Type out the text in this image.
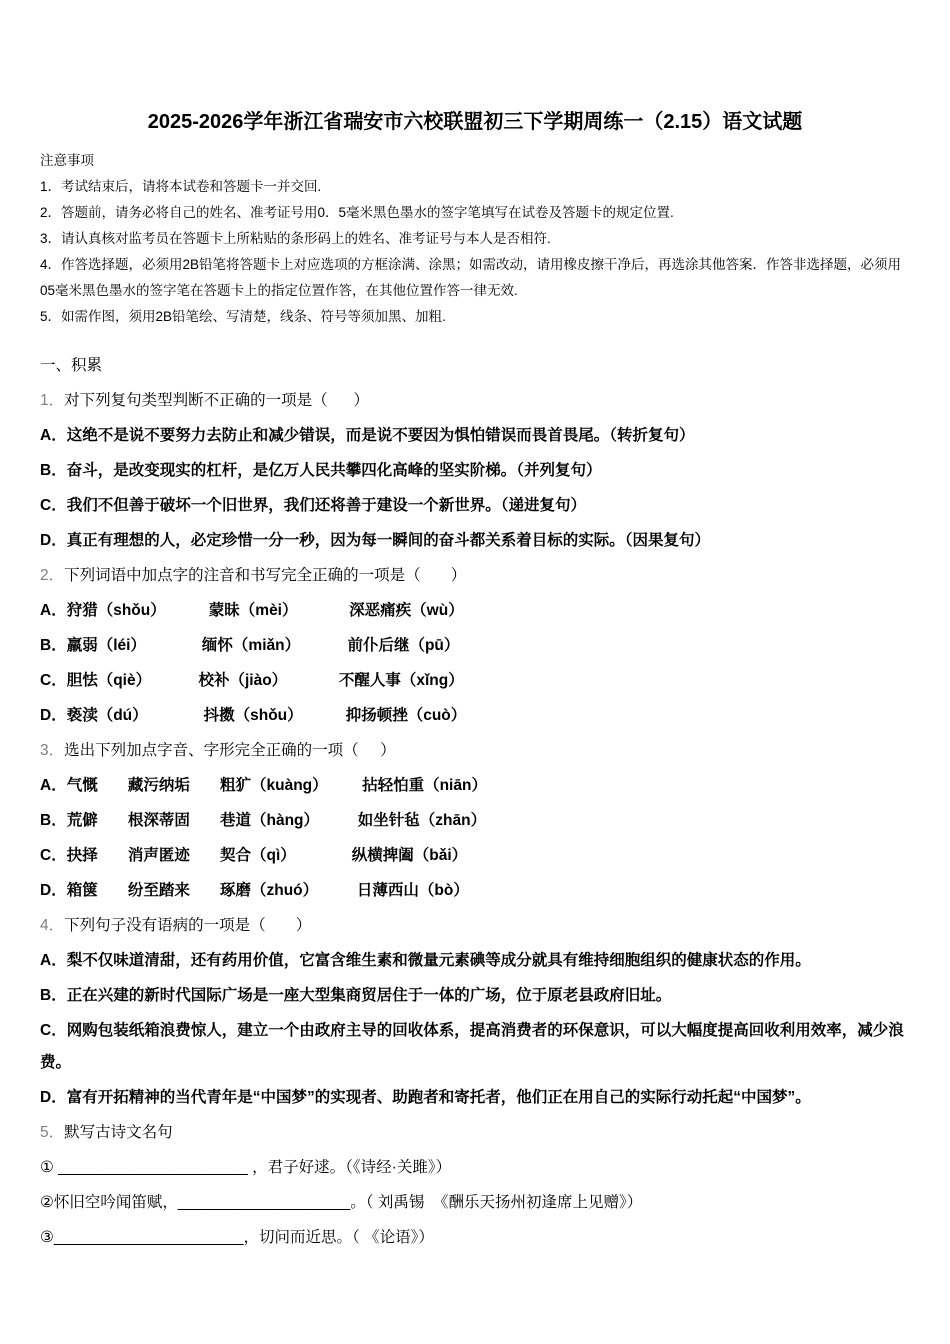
2025-2026学年浙江省瑞安市六校联盟初三下学期周练一（2.15）语文试题
注意事项
1．考试结束后，请将本试卷和答题卡一并交回.
2．答题前，请务必将自己的姓名、准考证号用0．5毫米黑色墨水的签字笔填写在试卷及答题卡的规定位置.
3．请认真核对监考员在答题卡上所粘贴的条形码上的姓名、准考证号与本人是否相符.
4．作答选择题，必须用2B铅笔将答题卡上对应选项的方框涂满、涂黑；如需改动，请用橡皮擦干净后，再选涂其他答案．作答非选择题，必须用05毫米黑色墨水的签字笔在答题卡上的指定位置作答，在其他位置作答一律无效.
5．如需作图，须用2B铅笔绘、写清楚，线条、符号等须加黑、加粗.
一、积累
1．对下列复句类型判断不正确的一项是（      ）
A．这绝不是说不要努力去防止和减少错误，而是说不要因为惧怕错误而畏首畏尾。（转折复句）
B．奋斗，是改变现实的杠杆，是亿万人民共攀四化高峰的坚实阶梯。（并列复句）
C．我们不但善于破坏一个旧世界，我们还将善于建设一个新世界。（递进复句）
D．真正有理想的人，必定珍惜一分一秒，因为每一瞬间的奋斗都关系着目标的实际。（因果复句）
2．下列词语中加点字的注音和书写完全正确的一项是（       ）
A．狩猎（shǒu）          蒙昧（mèi）            深恶痛疾（wù）
B．羸弱（léi）             缅怀（miǎn）           前仆后继（pū）
C．胆怯（qiè）           校补（jiào）            不醒人事（xǐng）
D．亵渎（dú）             抖擞（shǒu）          抑扬顿挫（cuò）
3．选出下列加点字音、字形完全正确的一项（     ）
A．气慨       藏污纳垢       粗犷（kuàng）        拈轻怕重（niān）
B．荒僻       根深蒂固       巷道（hàng）         如坐针毡（zhān）
C．抉择       消声匿迹       契合（qì）             纵横捭阖（bǎi）
D．箱箧       纷至踏来       琢磨（zhuó）         日薄西山（bò）
4．下列句子没有语病的一项是（       ）
A．梨不仅味道清甜，还有药用价值，它富含维生素和微量元素碘等成分就具有维持细胞组织的健康状态的作用。
B．正在兴建的新时代国际广场是一座大型集商贸居住于一体的广场，位于原老县政府旧址。
C．网购包装纸箱浪费惊人，建立一个由政府主导的回收体系，提高消费者的环保意识，可以大幅度提高回收利用效率，减少浪费。
D．富有开拓精神的当代青年是“中国梦”的实现者、助跑者和寄托者，他们正在用自己的实际行动托起“中国梦”。
5．默写古诗文名句
① ______________________ ，君子好逑。（《诗经·关雎》）
②怀旧空吟闻笛赋，____________________。（ 刘禹锡  《酬乐天扬州初逢席上见赠》）
③______________________，切问而近思。（ 《论语》）
